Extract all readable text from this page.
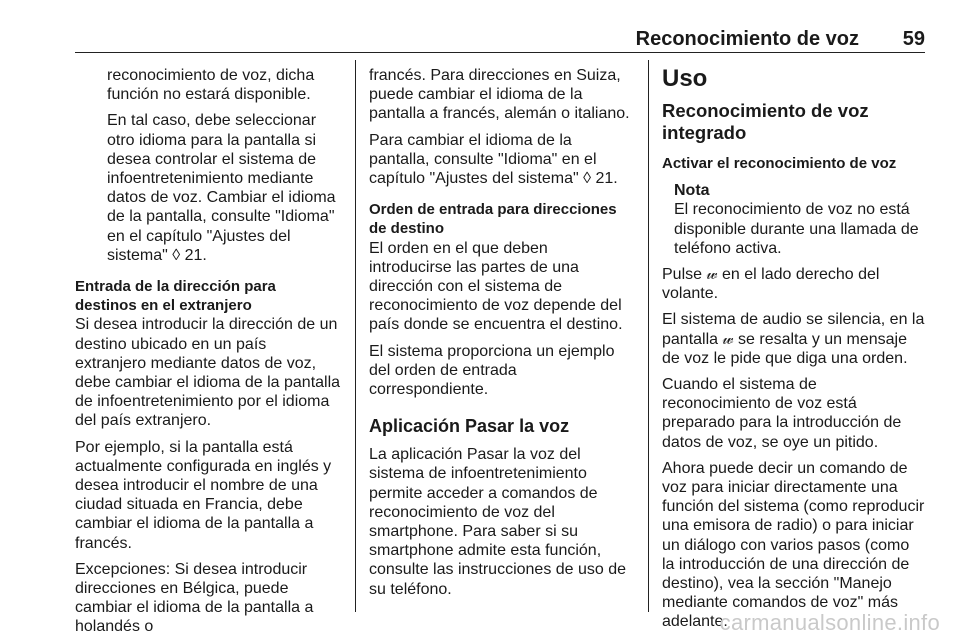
Reconocimiento de voz 59

reconocimiento de voz, dicha función no estará disponible.

En tal caso, debe seleccionar otro idioma para la pantalla si desea controlar el sistema de infoentretenimiento mediante datos de voz. Cambiar el idioma de la pantalla, consulte "Idioma" en el capítulo "Ajustes del sistema" ◊ 21.

Entrada de la dirección para destinos en el extranjero

Si desea introducir la dirección de un destino ubicado en un país extranjero mediante datos de voz, debe cambiar el idioma de la pantalla de infoentretenimiento por el idioma del país extranjero.

Por ejemplo, si la pantalla está actualmente configurada en inglés y desea introducir el nombre de una ciudad situada en Francia, debe cambiar el idioma de la pantalla a francés.

Excepciones: Si desea introducir direcciones en Bélgica, puede cambiar el idioma de la pantalla a holandés o

francés. Para direcciones en Suiza, puede cambiar el idioma de la pantalla a francés, alemán o italiano.

Para cambiar el idioma de la pantalla, consulte "Idioma" en el capítulo "Ajustes del sistema" ◊ 21.

Orden de entrada para direcciones de destino

El orden en el que deben introducirse las partes de una dirección con el sistema de reconocimiento de voz depende del país donde se encuentra el destino.

El sistema proporciona un ejemplo del orden de entrada correspondiente.

Aplicación Pasar la voz

La aplicación Pasar la voz del sistema de infoentretenimiento permite acceder a comandos de reconocimiento de voz del smartphone. Para saber si su smartphone admite esta función, consulte las instrucciones de uso de su teléfono.

Uso

Reconocimiento de voz integrado

Activar el reconocimiento de voz

Nota

El reconocimiento de voz no está disponible durante una llamada de teléfono activa.

Pulse 𝓌 en el lado derecho del volante.

El sistema de audio se silencia, en la pantalla 𝓌 se resalta y un mensaje de voz le pide que diga una orden.

Cuando el sistema de reconocimiento de voz está preparado para la introducción de datos de voz, se oye un pitido.

Ahora puede decir un comando de voz para iniciar directamente una función del sistema (como reproducir una emisora de radio) o para iniciar un diálogo con varios pasos (como la introducción de una dirección de destino), vea la sección "Manejo mediante comandos de voz" más adelante.

carmanualsonline.info
